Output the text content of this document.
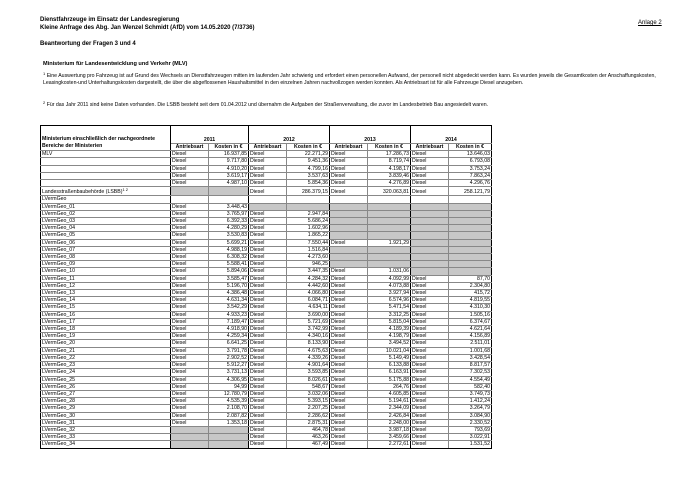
Dienstfahrzeuge im Einsatz der Landesregierung
Kleine Anfrage des Abg. Jan Wenzel Schmidt (AfD) vom 14.05.2020 (7/3736)
Anlage 2
Beantwortung der Fragen 3 und 4
Ministerium für Landesentwicklung und Verkehr (MLV)
$^1$ Eine Auswertung pro Fahrzeug ist auf Grund des Wechsels an Dienstfahrzeugen mitten im laufenden Jahr schwierig und erfordert einen personellen Aufwand, der personell nicht abgedeckt werden kann. Es wurden jeweils die Gesamtkosten der Anschaffungskosten, Leasingkosten-und Unterhaltungskosten dargestellt, die über die abgeflossenen Haushaltsmittel in den einzelnen Jahren nachvollzogen werden konnten. Als Antriebsart ist für alle Fahrzeuge Diesel anzugeben.
$^2$ Für das Jahr 2011 sind keine Daten vorhanden. Die LSBB besteht seit dem 01.04.2012 und übernahm die Aufgaben der Straßenverwaltung, die zuvor im Landesbetrieb Bau angesiedelt waren.
Ministerium einschließlich der nachgeordnete Bereiche der Ministerien	2011		2012		2013		2014	
	Antriebsart	Kosten in €	Antriebsart	Kosten in €	Antriebsart	Kosten in €	Antriebsart	Kosten in €
MLV	Diesel	16.937,85	Diesel	22.271,29	Diesel	17.286,73	Diesel	13.646,03
	Diesel	9.717,80	Diesel	9.451,36	Diesel	8.719,74	Diesel	6.793,08
	Diesel	4.910,20	Diesel	4.799,16	Diesel	4.198,17	Diesel	3.753,24
	Diesel	3.619,17	Diesel	3.537,63	Diesel	3.839,46	Diesel	7.863,24
	Diesel	4.987,10	Diesel	5.854,36	Diesel	4.276,89	Diesel	4.296,76
Landesstraßenbaubehörde (LSBB)$^{1 2}$			Diesel	286.379,15	Diesel	320.063,81	Diesel	258.121,79
LVermGeo								
LVermGeo_01	Diesel	3.448,43						
LVermGeo_02	Diesel	3.765,97	Diesel	2.947,84				
LVermGeo_03	Diesel	6.392,33	Diesel	5.686,24				
LVermGeo_04	Diesel	4.280,29	Diesel	1.602,96				
LVermGeo_05	Diesel	3.530,83	Diesel	1.865,22				
LVermGeo_06	Diesel	5.699,21	Diesel	7.550,44	Diesel	1.921,29		
LVermGeo_07	Diesel	4.988,19	Diesel	1.516,84				
LVermGeo_08	Diesel	6.308,32	Diesel	4.273,60				
LVermGeo_09	Diesel	5.588,41	Diesel	946,25				
LVermGeo_10	Diesel	5.894,06	Diesel	3.447,35	Diesel	1.031,06		
LVermGeo_11	Diesel	3.585,47	Diesel	4.284,32	Diesel	4.092,99	Diesel	87,70
LVermGeo_12	Diesel	5.196,70	Diesel	4.442,60	Diesel	4.073,88	Diesel	2.304,80
LVermGeo_13	Diesel	4.386,48	Diesel	4.066,80	Diesel	3.927,94	Diesel	415,72
LVermGeo_14	Diesel	4.631,34	Diesel	6.084,71	Diesel	6.574,96	Diesel	4.819,55
LVermGeo_15	Diesel	3.542,29	Diesel	4.634,11	Diesel	5.471,54	Diesel	4.310,30
LVermGeo_16	Diesel	4.933,23	Diesel	3.690,00	Diesel	3.312,25	Diesel	1.505,16
LVermGeo_17	Diesel	7.189,47	Diesel	5.721,69	Diesel	5.815,04	Diesel	6.374,67
LVermGeo_18	Diesel	4.918,90	Diesel	3.742,99	Diesel	4.189,39	Diesel	4.621,64
LVermGeo_19	Diesel	4.259,34	Diesel	4.340,16	Diesel	4.198,79	Diesel	4.156,89
LVermGeo_20	Diesel	6.641,25	Diesel	8.133,90	Diesel	3.494,52	Diesel	2.511,01
LVermGeo_21	Diesel	3.791,78	Diesel	4.675,63	Diesel	10.021,04	Diesel	1.001,68
LVermGeo_22	Diesel	2.902,52	Diesel	4.339,26	Diesel	5.149,49	Diesel	3.428,54
LVermGeo_23	Diesel	5.912,27	Diesel	4.901,64	Diesel	6.133,88	Diesel	8.817,57
LVermGeo_24	Diesel	3.731,13	Diesel	3.593,85	Diesel	6.163,91	Diesel	7.302,53
LVermGeo_25	Diesel	4.306,95	Diesel	8.026,61	Diesel	5.175,88	Diesel	4.554,49
LVermGeo_26	Diesel	94,99	Diesel	548,67	Diesel	264,76	Diesel	582,40
LVermGeo_27	Diesel	12.780,79	Diesel	3.032,06	Diesel	4.605,85	Diesel	3.749,73
LVermGeo_28	Diesel	4.535,39	Diesel	5.393,15	Diesel	5.194,61	Diesel	1.412,24
LVermGeo_29	Diesel	2.108,70	Diesel	2.207,25	Diesel	2.344,09	Diesel	3.264,79
LVermGeo_30	Diesel	2.087,82	Diesel	2.286,62	Diesel	2.426,84	Diesel	3.084,90
LVermGeo_31	Diesel	1.353,18	Diesel	2.875,31	Diesel	2.248,00	Diesel	2.330,52
LVermGeo_32			Diesel	464,78	Diesel	3.987,18	Diesel	793,69
LVermGeo_33			Diesel	463,26	Diesel	3.459,66	Diesel	3.022,91
LVermGeo_34			Diesel	467,49	Diesel	2.272,61	Diesel	1.531,52
